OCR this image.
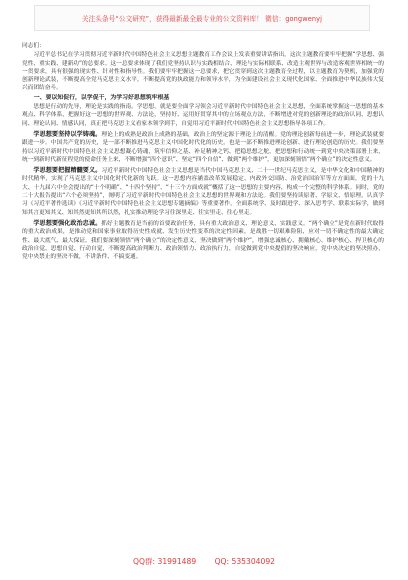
关注头条号“公文研究”，获得最新最全最专业的公文资料库！ 微信：gongwenyj

同志们：

习近平总书记在学习贯彻习近平新时代中国特色社会主义思想主题教育工作会议上发表重要讲话指出，这次主题教育要牢牢把握“学思想、强党性、重实践、建新功”的总要求。这一总要求体现了我们党坚持认识与实践相结合、理论与实际相联系、改造主观世界与改造客观世界相统一的一贯要求，具有很强的现实性、针对性和指导性。我们要牢牢把握这一总要求，把它贯穿到这次主题教育全过程，以主题教育为契机，加强党的创新理论武装，不断提高全党马克思主义水平，不断提高党的执政能力和领导水平，为全面建设社会主义现代化国家、全面推进中华民族伟大复兴而团结奋斗。

一、要以知促行，以学促干，为学习好思想筑牢根基

思想是行动的先导，理论是实践的指南。学思想，就是要全面学习领会习近平新时代中国特色社会主义思想，全面系统掌握这一思想的基本观点、科学体系，把握好这一思想的世界观、方法论，坚持好、运用好贯穿其中的立场观点方法，不断增进对党的创新理论的政治认同、思想认同、理论认同、情感认同，真正把马克思主义看家本领学到手，自觉用习近平新时代中国特色社会主义思想指导各项工作。

学思想要坚持以学铸魂。理论上的成熟是政治上成熟的基础，政治上的坚定源于理论上的清醒。党的理论创新每前进一步，理论武装就要跟进一步。中国共产党的历史，是一部不断推进马克思主义中国化时代化的历史，也是一部不断推进理论创新、进行理论创造的历史。我们要坚持以习近平新时代中国特色社会主义思想凝心铸魂，筑牢信仰之基、补足精神之钙、把稳思想之舵，把思想和行动统一到党中央决策部署上来，统一到新时代新征程党的使命任务上来，不断增强“四个意识”、坚定“四个自信”、做到“两个维护”，更加深刻领悟“两个确立”的决定性意义。

学思想要把握精髓要义。习近平新时代中国特色社会主义思想是当代中国马克思主义、二十一世纪马克思主义，是中华文化和中国精神的时代精华，实现了马克思主义中国化时代化新的飞跃。这一思想内容涵盖改革发展稳定、内政外交国防、治党治国治军等方方面面，党的十九大、十九届六中全会提出的“十个明确”、“十四个坚持”、“十三个方面成就”概括了这一思想的主要内容，构成一个完整的科学体系。同时，党的二十大报告提出“六个必须坚持”，阐明了习近平新时代中国特色社会主义思想的世界观和方法论。我们要坚持读原著、学原文、悟原理，认真学习《习近平著作选读》《习近平新时代中国特色社会主义思想专题摘编》等重要著作，全面系统学、及时跟进学、深入思考学、联系实际学，做到知其言更知其义、知其然更知其所以然，扎实推动理论学习往深里走、往实里走、往心里走。

学思想要强化政治忠诚。抓好主题教育是当前的首要政治任务，具有重大政治意义、理论意义、实践意义。“两个确立”是党在新时代取得的重大政治成果，是推动党和国家事业取得历史性成就、发生历史性变革的决定性因素，是战胜一切艰难险阻、应对一切不确定性的最大确定性、最大底气、最大保证。我们要深刻领悟“两个确立”的决定性意义，坚决做到“两个维护”，增强忠诚核心、拥戴核心、维护核心、捍卫核心的政治自觉、思想自觉、行动自觉，不断提高政治判断力、政治领悟力、政治执行力，自觉做到党中央提倡的坚决响应，党中央决定的坚决照办，党中央禁止的坚决不做，不讲条件、不搞变通。

QQ群: 31991489 QQ: 535304092
